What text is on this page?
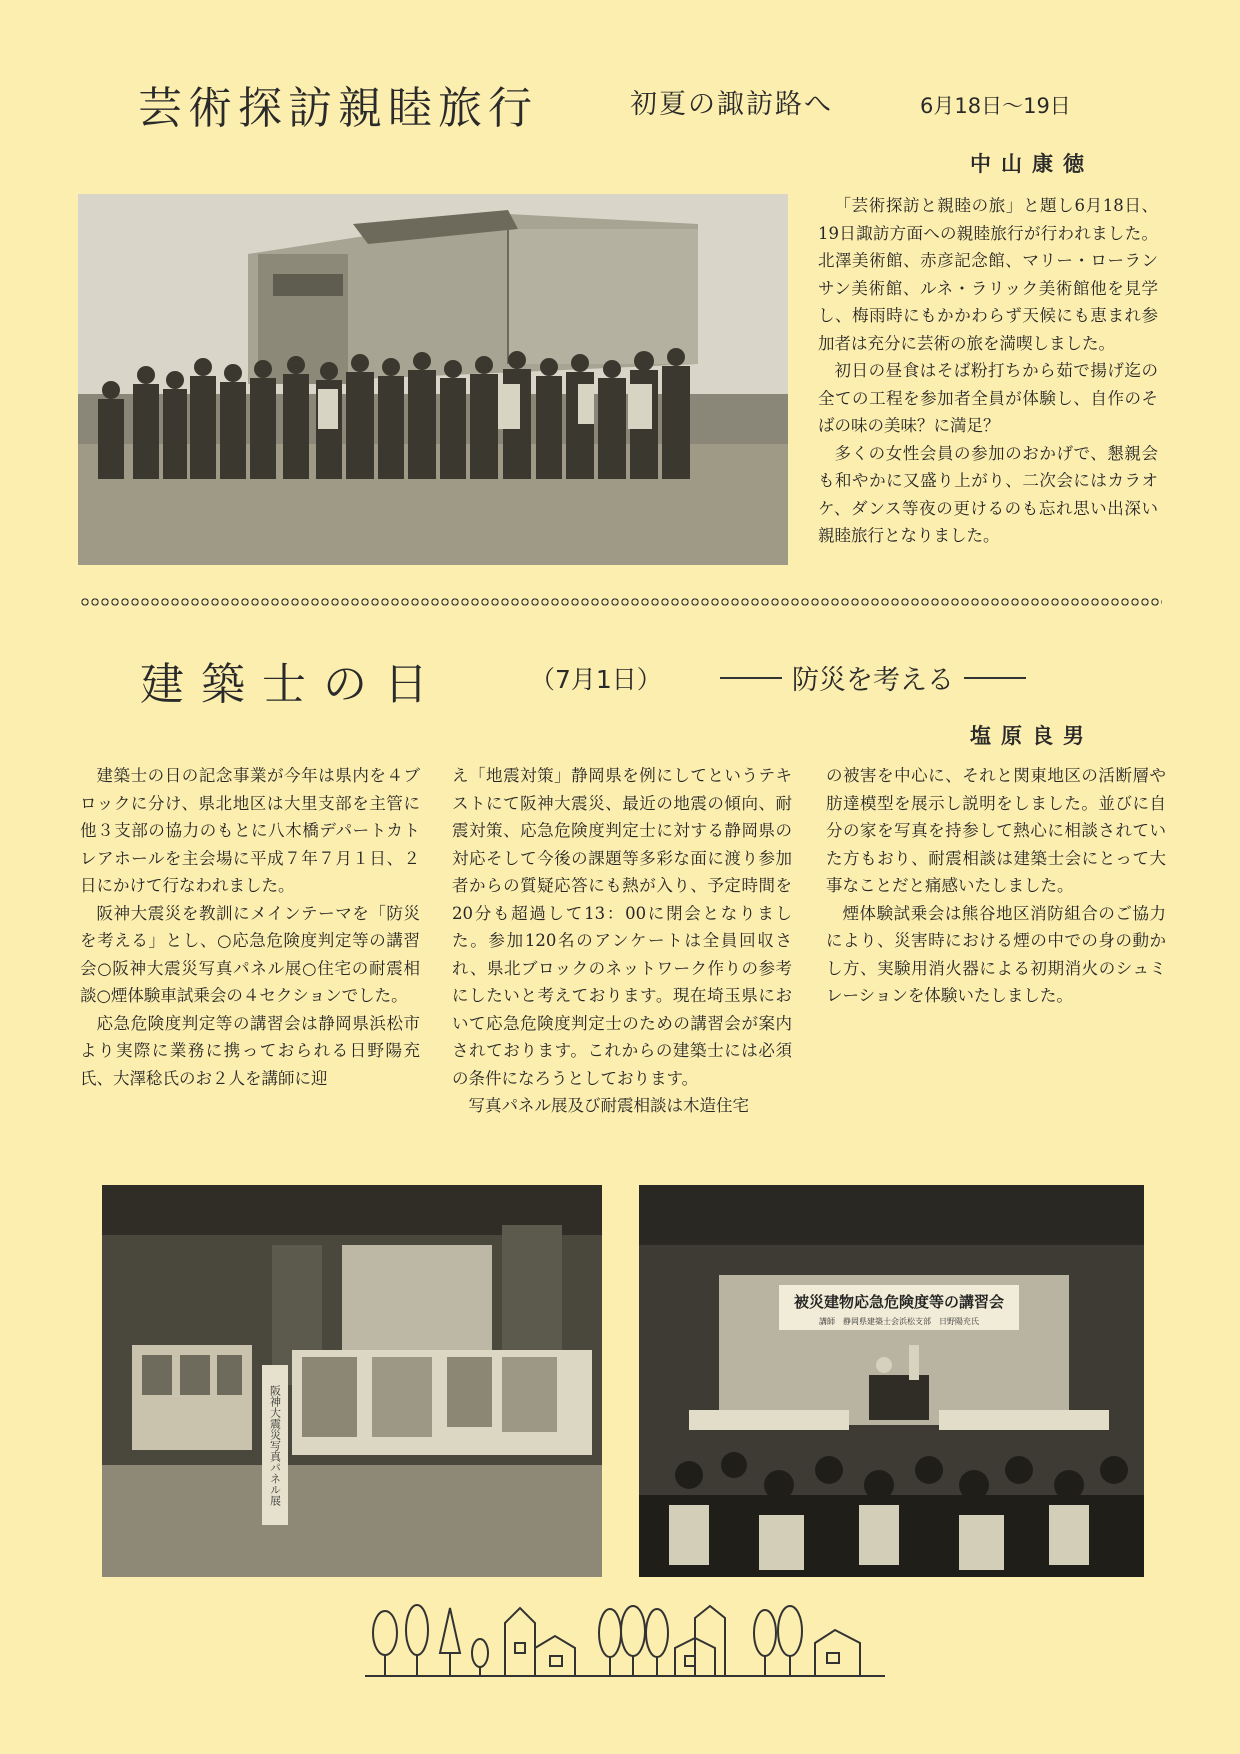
芸術探訪親睦旅行	初夏の諏訪路へ	6月18日～19日
中山康徳

「芸術探訪と親睦の旅」と題し6月18日、19日諏訪方面への親睦旅行が行われました。北澤美術館、赤彦記念館、マリー・ローランサン美術館、ルネ・ラリック美術館他を見学し、梅雨時にもかかわらず天候にも恵まれ参加者は充分に芸術の旅を満喫しました。

初日の昼食はそば粉打ちから茹で揚げ迄の全ての工程を参加者全員が体験し、自作のそばの味の美味？に満足？

多くの女性会員の参加のおかげで、懇親会も和やかに又盛り上がり、二次会にはカラオケ、ダンス等夜の更けるのも忘れ思い出深い親睦旅行となりました。

建築士の日	（7月1日）	防災を考える
塩原良男

建築士の日の記念事業が今年は県内を４ブロックに分け、県北地区は大里支部を主管に他３支部の協力のもとに八木橋デパートカトレアホールを主会場に平成７年７月１日、２日にかけて行なわれました。

阪神大震災を教訓にメインテーマを「防災を考える」とし、○応急危険度判定等の講習会○阪神大震災写真パネル展○住宅の耐震相談○煙体験車試乗会の４セクションでした。

応急危険度判定等の講習会は静岡県浜松市より実際に業務に携っておられる日野陽充氏、大澤稔氏のお２人を講師に迎

え「地震対策」静岡県を例にしてというテキストにて阪神大震災、最近の地震の傾向、耐震対策、応急危険度判定士に対する静岡県の対応そして今後の課題等多彩な面に渡り参加者からの質疑応答にも熱が入り、予定時間を20分も超過して13：00に閉会となりました。参加120名のアンケートは全員回収され、県北ブロックのネットワーク作りの参考にしたいと考えております。現在埼玉県において応急危険度判定士のための講習会が案内されております。これからの建築士には必須の条件になろうとしております。

写真パネル展及び耐震相談は木造住宅

の被害を中心に、それと関東地区の活断層や肪達模型を展示し説明をしました。並びに自分の家を写真を持参して熱心に相談されていた方もおり、耐震相談は建築士会にとって大事なことだと痛感いたしました。

煙体験試乗会は熊谷地区消防組合のご協力により、災害時における煙の中での身の動かし方、実験用消火器による初期消火のシュミレーションを体験いたしました。

阪神大震災写真パネル展
被災建物応急危険度等の講習会
講師　静岡県建築士会浜松支部　日野陽充氏
